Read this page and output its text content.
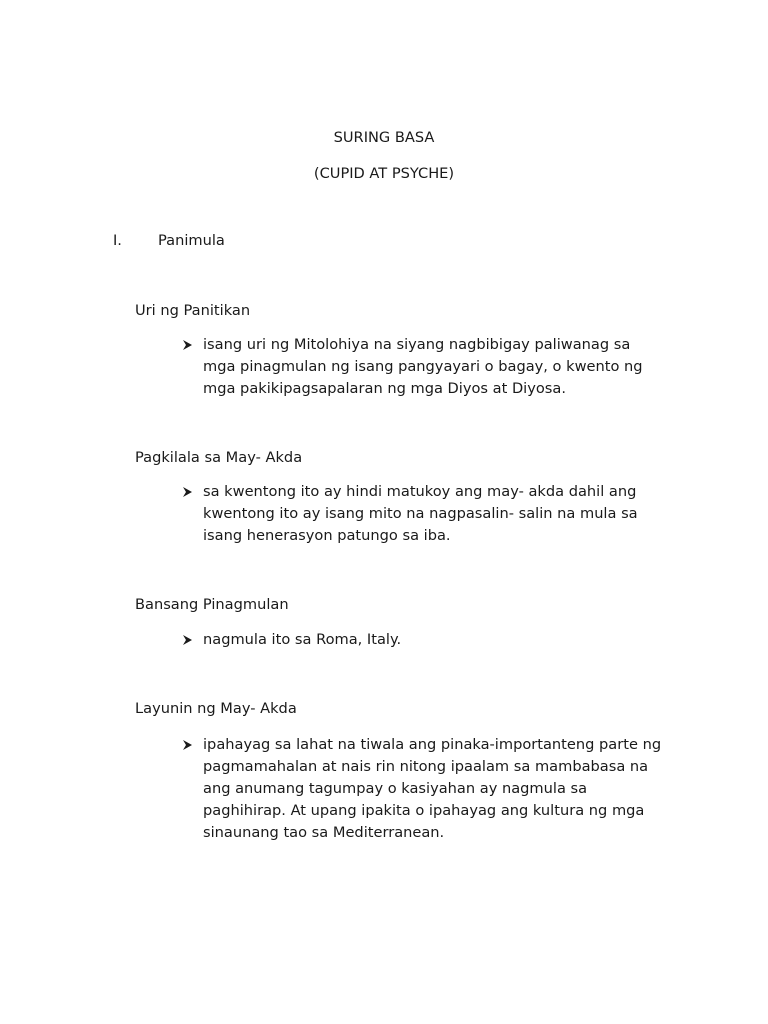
SURING BASA
(CUPID AT PSYCHE)
I. Panimula
Uri ng Panitikan
isang uri ng Mitolohiya na siyang nagbibigay paliwanag sa mga pinagmulan ng isang pangyayari o bagay, o kwento ng mga pakikipagsapalaran ng mga Diyos at Diyosa.
Pagkilala sa May- Akda
sa kwentong ito ay hindi matukoy ang may- akda dahil ang kwentong ito ay isang mito na nagpasalin- salin na mula sa isang henerasyon patungo sa iba.
Bansang Pinagmulan
nagmula ito sa Roma, Italy.
Layunin ng May- Akda
ipahayag sa lahat na tiwala ang pinaka-importanteng parte ng pagmamahalan at nais rin nitong ipaalam sa mambabasa na ang anumang tagumpay o kasiyahan ay nagmula sa paghihirap. At upang ipakita o ipahayag ang kultura ng mga sinaunang tao sa Mediterranean.
